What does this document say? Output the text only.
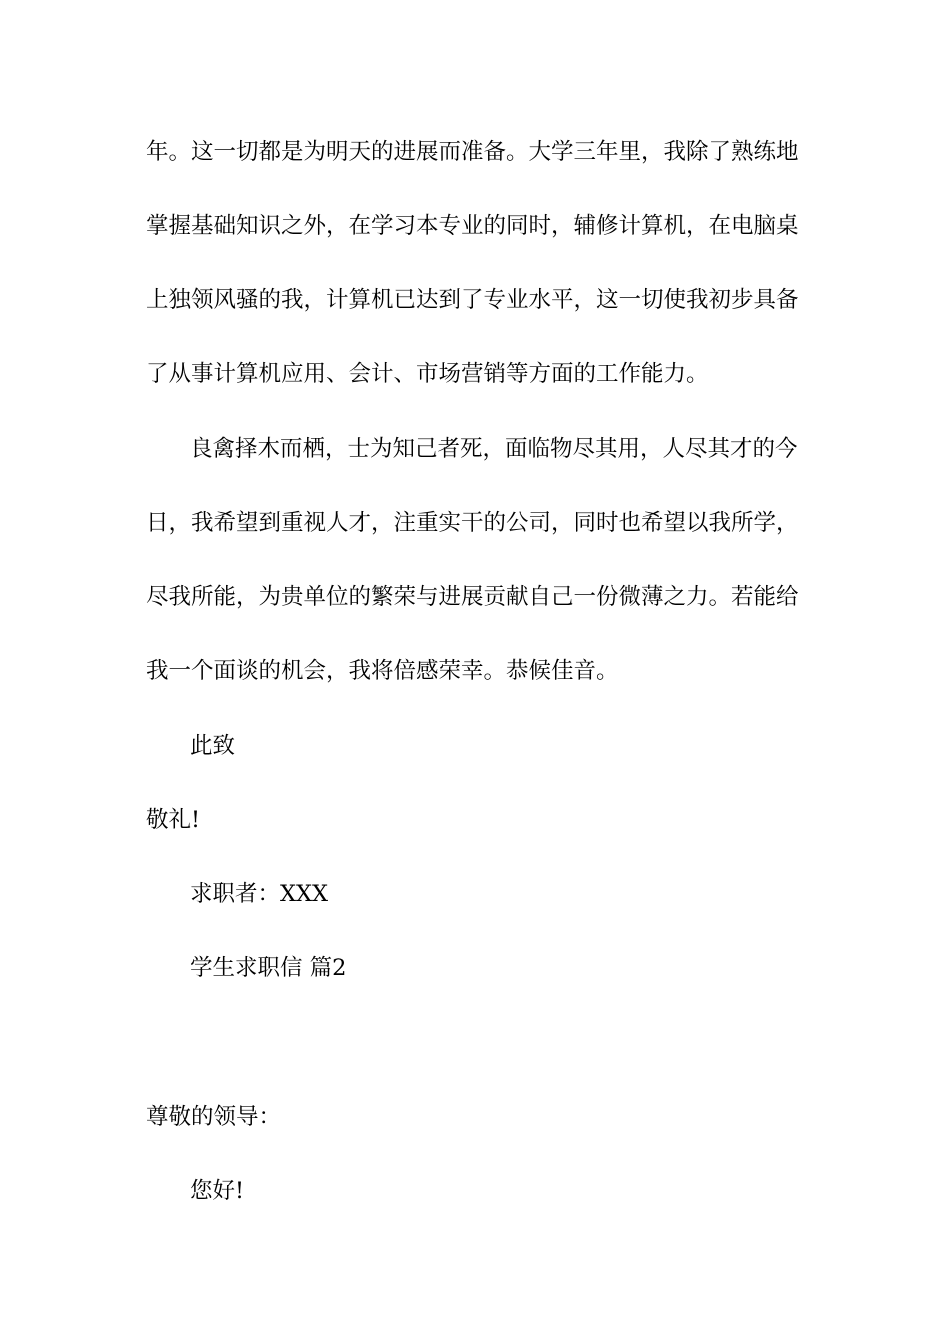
年。这一切都是为明天的进展而准备。大学三年里，我除了熟练地
掌握基础知识之外，在学习本专业的同时，辅修计算机，在电脑桌
上独领风骚的我，计算机已达到了专业水平，这一切使我初步具备
了从事计算机应用、会计、市场营销等方面的工作能力。
良禽择木而栖，士为知己者死，面临物尽其用，人尽其才的今
日，我希望到重视人才，注重实干的公司，同时也希望以我所学，
尽我所能，为贵单位的繁荣与进展贡献自己一份微薄之力。若能给
我一个面谈的机会，我将倍感荣幸。恭候佳音。
此致
敬礼!
求职者：XXX
学生求职信 篇2
尊敬的领导：
您好!
